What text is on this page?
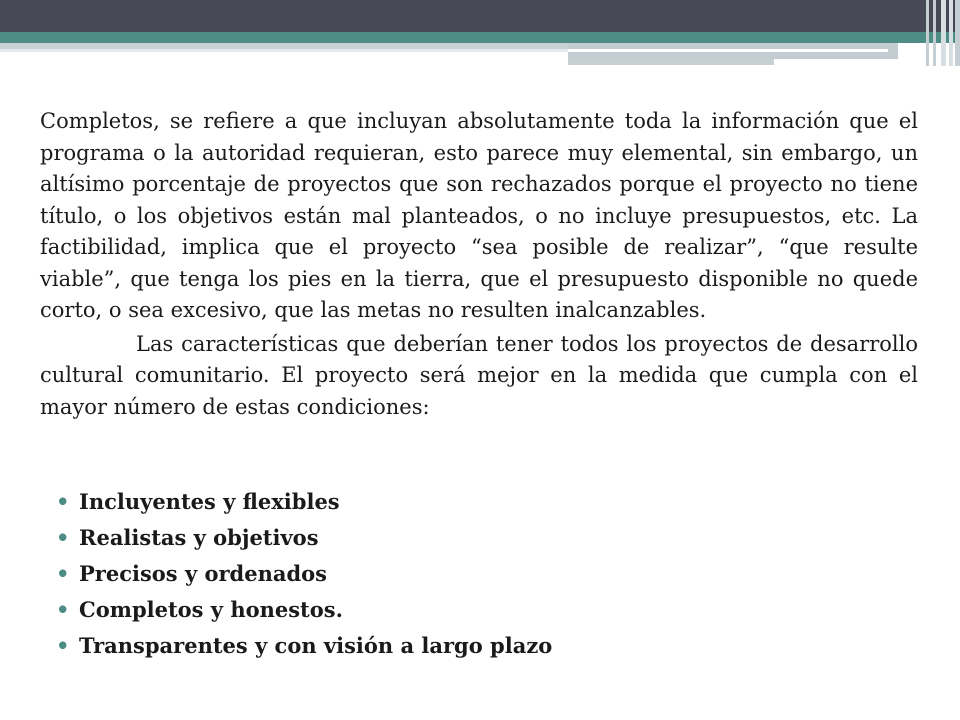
Completos, se refiere a que incluyan absolutamente toda la información que el programa o la autoridad requieran, esto parece muy elemental, sin embargo, un altísimo porcentaje de proyectos que son rechazados porque el proyecto no tiene título, o los objetivos están mal planteados, o no incluye presupuestos, etc. La factibilidad, implica que el proyecto “sea posible de realizar”, “que resulte viable”, que tenga los pies en la tierra, que el presupuesto disponible no quede corto, o sea excesivo, que las metas no resulten inalcanzables.

Las características que deberían tener todos los proyectos de desarrollo cultural comunitario. El proyecto será mejor en la medida que cumpla con el mayor número de estas condiciones:

• Incluyentes y flexibles
• Realistas y objetivos
• Precisos y ordenados
• Completos y honestos.
• Transparentes y con visión a largo plazo
